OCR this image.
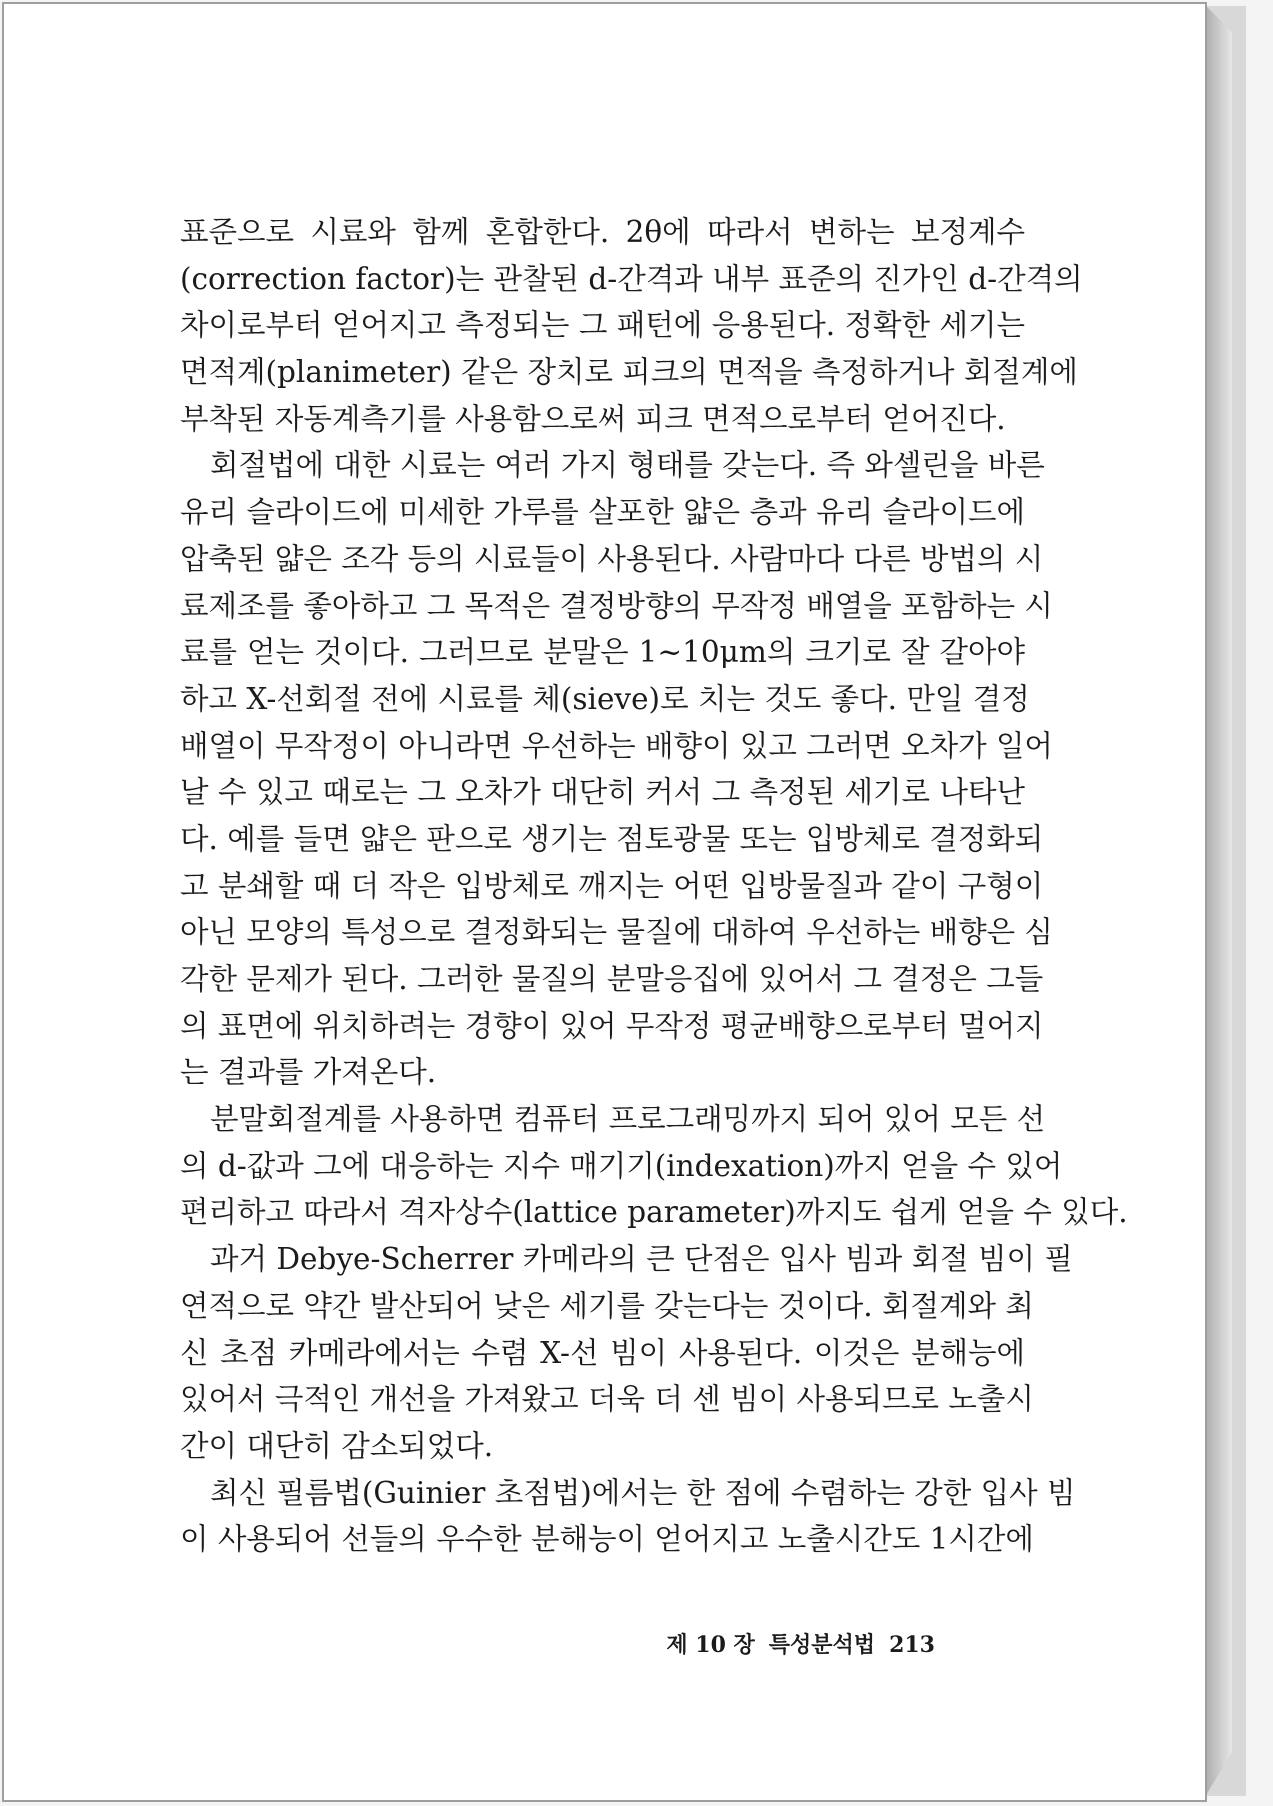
표준으로 시료와 함께 혼합한다. 2θ에 따라서 변하는 보정계수
(correction factor)는 관찰된 d-간격과 내부 표준의 진가인 d-간격의
차이로부터 얻어지고 측정되는 그 패턴에 응용된다. 정확한 세기는
면적계(planimeter) 같은 장치로 피크의 면적을 측정하거나 회절계에
부착된 자동계측기를 사용함으로써 피크 면적으로부터 얻어진다.
회절법에 대한 시료는 여러 가지 형태를 갖는다. 즉 와셀린을 바른
유리 슬라이드에 미세한 가루를 살포한 얇은 층과 유리 슬라이드에
압축된 얇은 조각 등의 시료들이 사용된다. 사람마다 다른 방법의 시
료제조를 좋아하고 그 목적은 결정방향의 무작정 배열을 포함하는 시
료를 얻는 것이다. 그러므로 분말은 1~10μm의 크기로 잘 갈아야
하고 X-선회절 전에 시료를 체(sieve)로 치는 것도 좋다. 만일 결정
배열이 무작정이 아니라면 우선하는 배향이 있고 그러면 오차가 일어
날 수 있고 때로는 그 오차가 대단히 커서 그 측정된 세기로 나타난
다. 예를 들면 얇은 판으로 생기는 점토광물 또는 입방체로 결정화되
고 분쇄할 때 더 작은 입방체로 깨지는 어떤 입방물질과 같이 구형이
아닌 모양의 특성으로 결정화되는 물질에 대하여 우선하는 배향은 심
각한 문제가 된다. 그러한 물질의 분말응집에 있어서 그 결정은 그들
의 표면에 위치하려는 경향이 있어 무작정 평균배향으로부터 멀어지
는 결과를 가져온다.
분말회절계를 사용하면 컴퓨터 프로그래밍까지 되어 있어 모든 선
의 d-값과 그에 대응하는 지수 매기기(indexation)까지 얻을 수 있어
편리하고 따라서 격자상수(lattice parameter)까지도 쉽게 얻을 수 있다.
과거 Debye-Scherrer 카메라의 큰 단점은 입사 빔과 회절 빔이 필
연적으로 약간 발산되어 낮은 세기를 갖는다는 것이다. 회절계와 최
신 초점 카메라에서는 수렴 X-선 빔이 사용된다. 이것은 분해능에
있어서 극적인 개선을 가져왔고 더욱 더 센 빔이 사용되므로 노출시
간이 대단히 감소되었다.
최신 필름법(Guinier 초점법)에서는 한 점에 수렴하는 강한 입사 빔
이 사용되어 선들의 우수한 분해능이 얻어지고 노출시간도 1시간에
제 10 장 특성분석법 213
